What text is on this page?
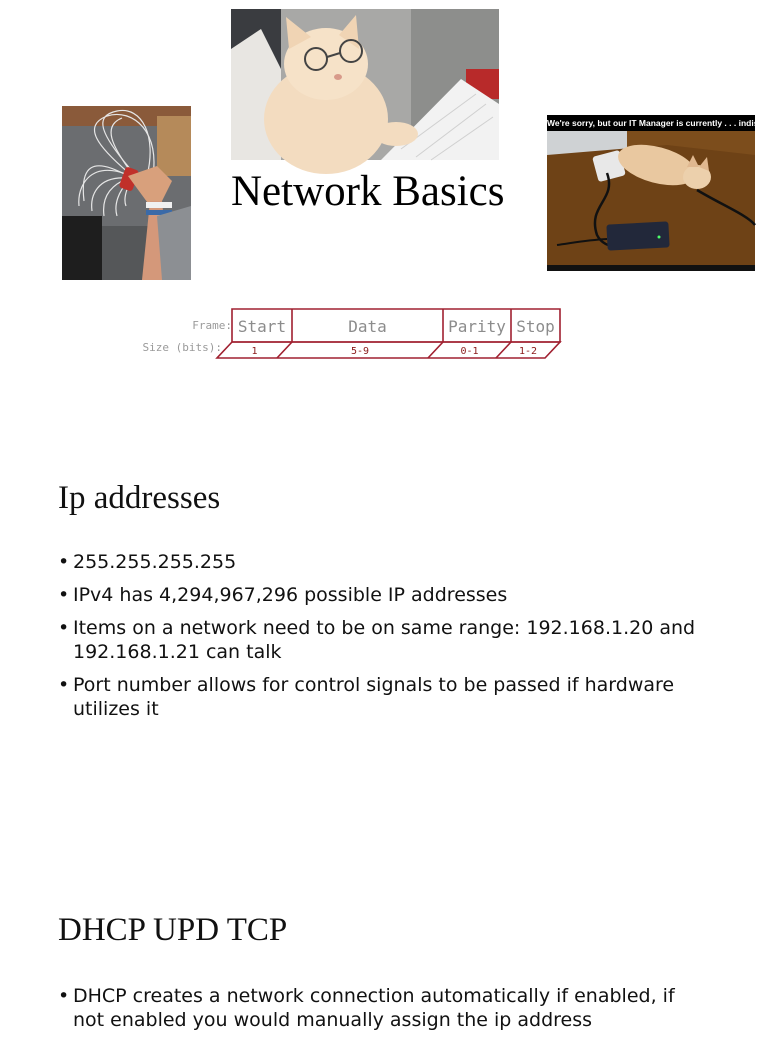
We're sorry, but our IT Manager is currently . . . indisposed
Network Basics
Frame:
Size (bits):
Start
1
Data
5-9
Parity
0-1
Stop
1-2
Ip addresses
• 255.255.255.255
• IPv4 has 4,294,967,296 possible IP addresses
• Items on a network need to be on same range: 192.168.1.20 and 192.168.1.21 can talk
• Port number allows for control signals to be passed if hardware utilizes it
DHCP UPD TCP
• DHCP creates a network connection automatically if enabled, if not enabled you would manually assign the ip address
